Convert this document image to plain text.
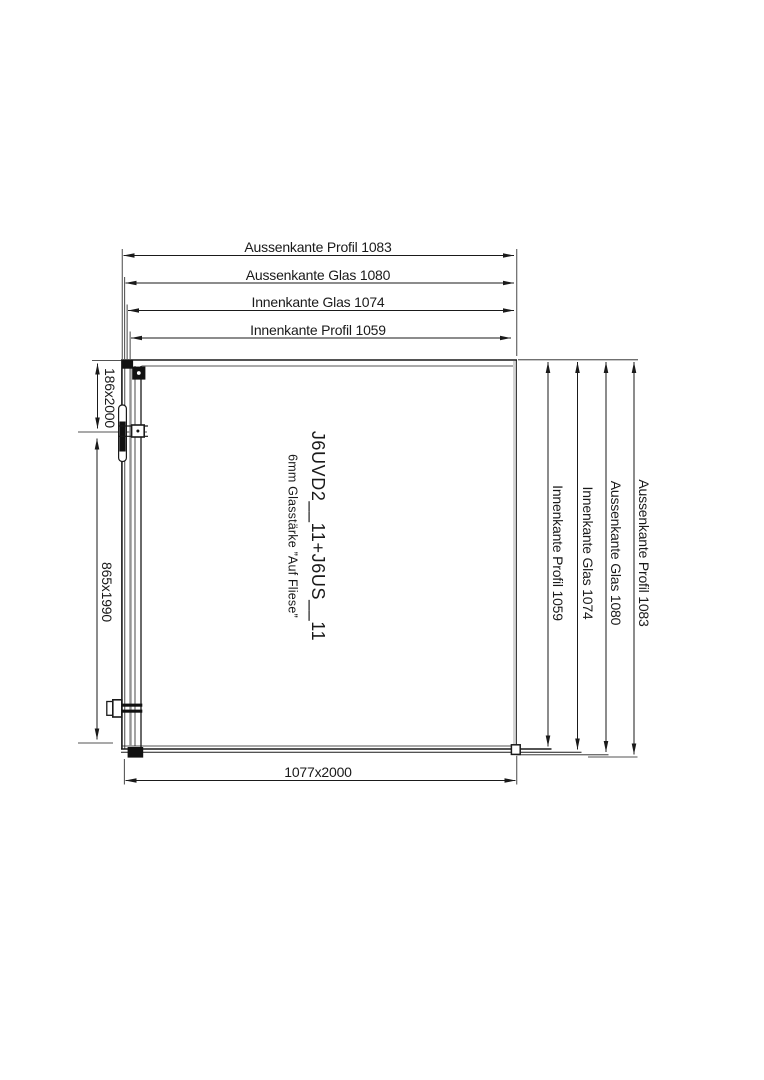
Aussenkante Profil 1083
Aussenkante Glas 1080
Innenkante Glas 1074
Innenkante Profil 1059
Innenkante Profil 1059 Innenkante Glas 1074 Aussenkante Glas 1080 Aussenkante Profil 1083
186x2000
865x1990
1077x2000
J6UVD2__11+J6US__11
6mm Glasstärke ”Auf Fliese”
